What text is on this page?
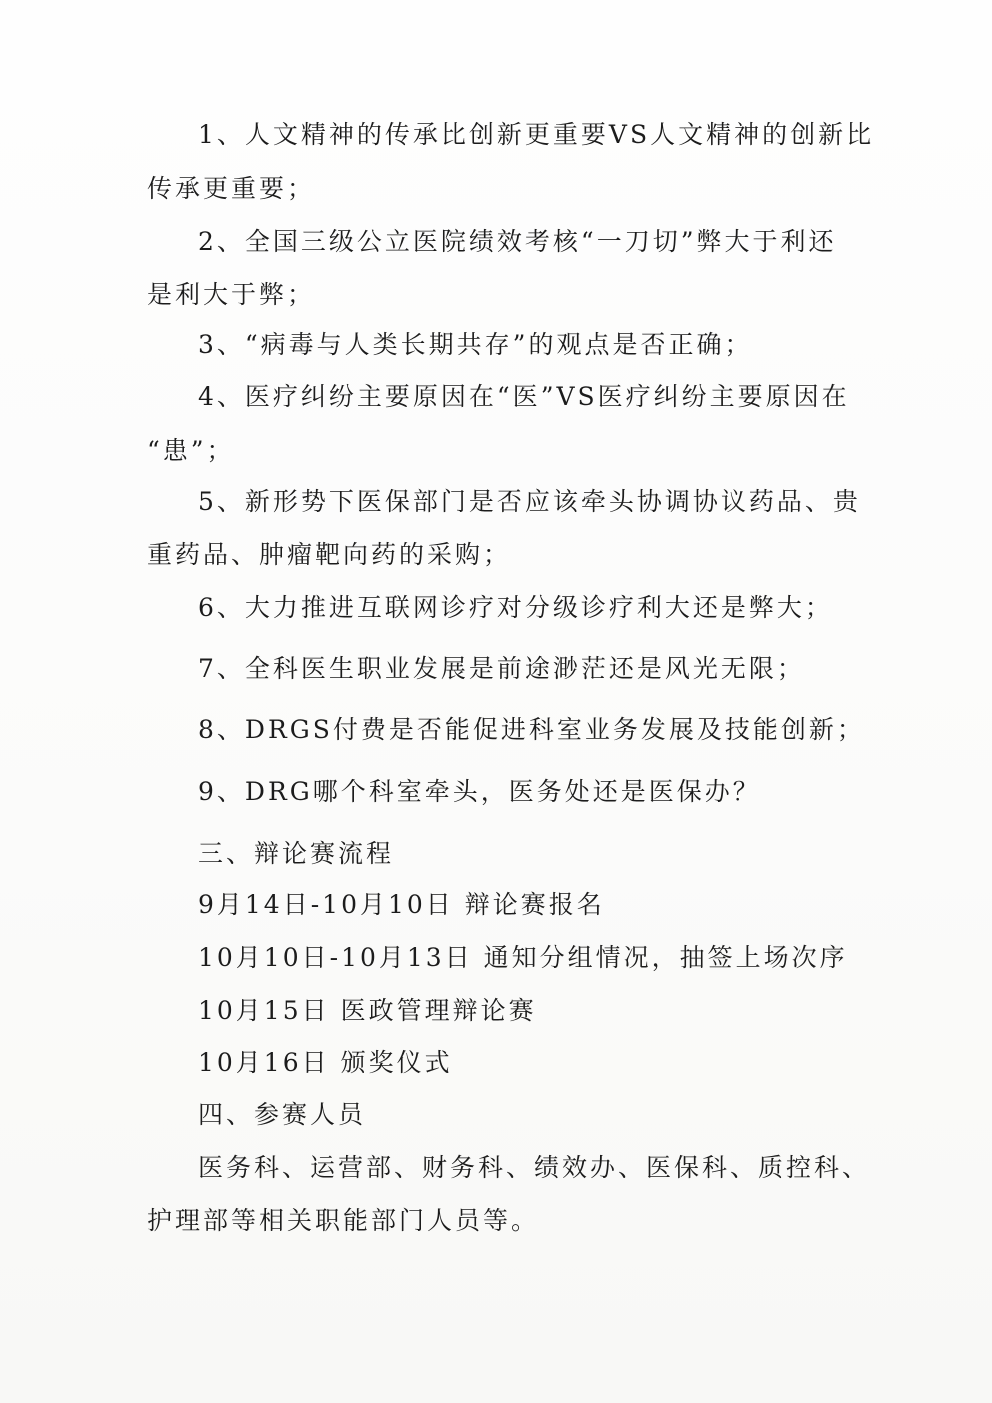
1、人文精神的传承比创新更重要VS人文精神的创新比
传承更重要；
2、全国三级公立医院绩效考核“一刀切”弊大于利还
是利大于弊；
3、“病毒与人类长期共存”的观点是否正确；
4、医疗纠纷主要原因在“医”VS医疗纠纷主要原因在
“患”；
5、新形势下医保部门是否应该牵头协调协议药品、贵
重药品、肿瘤靶向药的采购；
6、大力推进互联网诊疗对分级诊疗利大还是弊大；
7、全科医生职业发展是前途渺茫还是风光无限；
8、DRGS付费是否能促进科室业务发展及技能创新；
9、DRG哪个科室牵头，医务处还是医保办？
三、辩论赛流程
9月14日-10月10日 辩论赛报名
10月10日-10月13日 通知分组情况，抽签上场次序
10月15日 医政管理辩论赛
10月16日 颁奖仪式
四、参赛人员
医务科、运营部、财务科、绩效办、医保科、质控科、
护理部等相关职能部门人员等。
